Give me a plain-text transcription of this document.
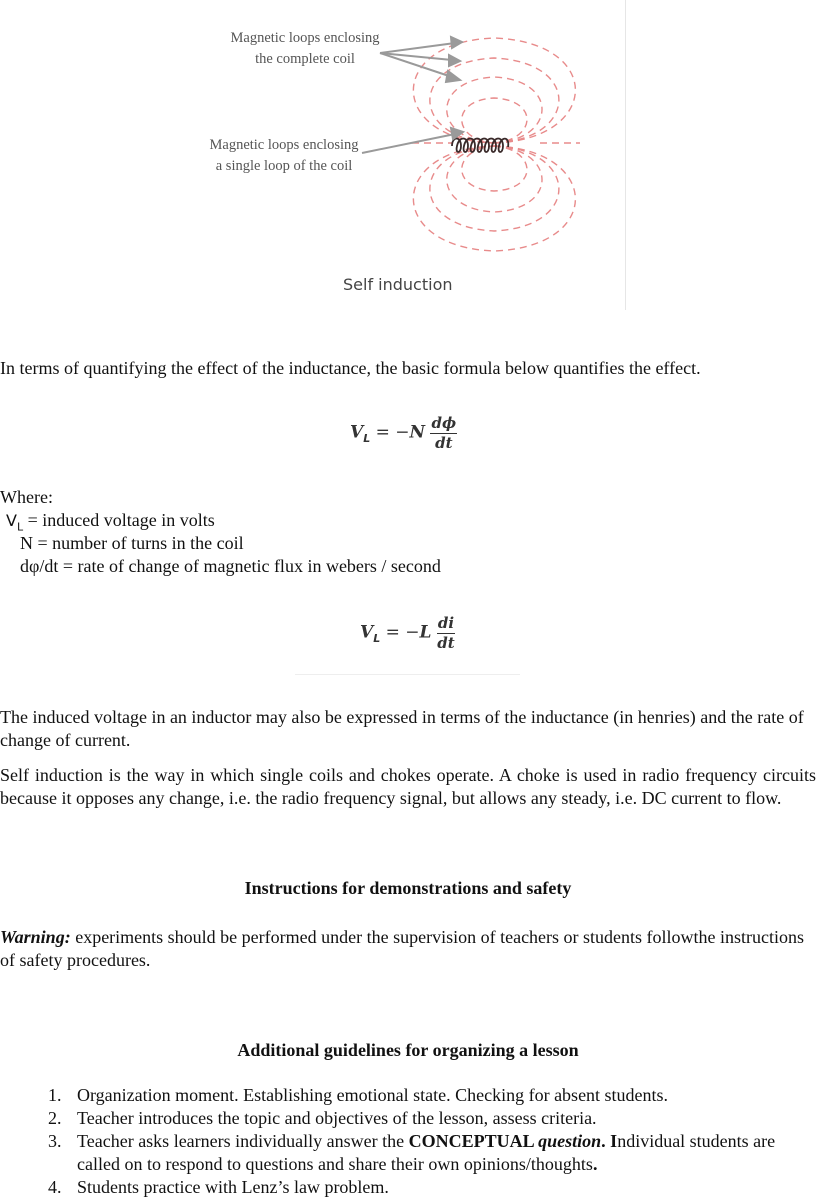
Magnetic loops enclosing
the complete coil
Magnetic loops enclosing
a single loop of the coil
Self induction
In terms of quantifying the effect of the inductance, the basic formula below quantifies the effect.
$V_L = -N \frac{d\phi}{dt}$
Where:
$V_L$ = induced voltage in volts
N = number of turns in the coil
dφ/dt = rate of change of magnetic flux in webers / second
$V_L = -L \frac{di}{dt}$
The induced voltage in an inductor may also be expressed in terms of the inductance (in henries) and the rate of change of current.
Self induction is the way in which single coils and chokes operate. A choke is used in radio frequency circuits because it opposes any change, i.e. the radio frequency signal, but allows any steady, i.e. DC current to flow.
Instructions for demonstrations and safety
Warning: experiments should be performed under the supervision of teachers or students followthe instructions of safety procedures.
Additional guidelines for organizing a lesson
1. Organization moment. Establishing emotional state. Checking for absent students.
2. Teacher introduces the topic and objectives of the lesson, assess criteria.
3. Teacher asks learners individually answer the CONCEPTUAL question. Individual students are called on to respond to questions and share their own opinions/thoughts.
4. Students practice with Lenz’s law problem.
